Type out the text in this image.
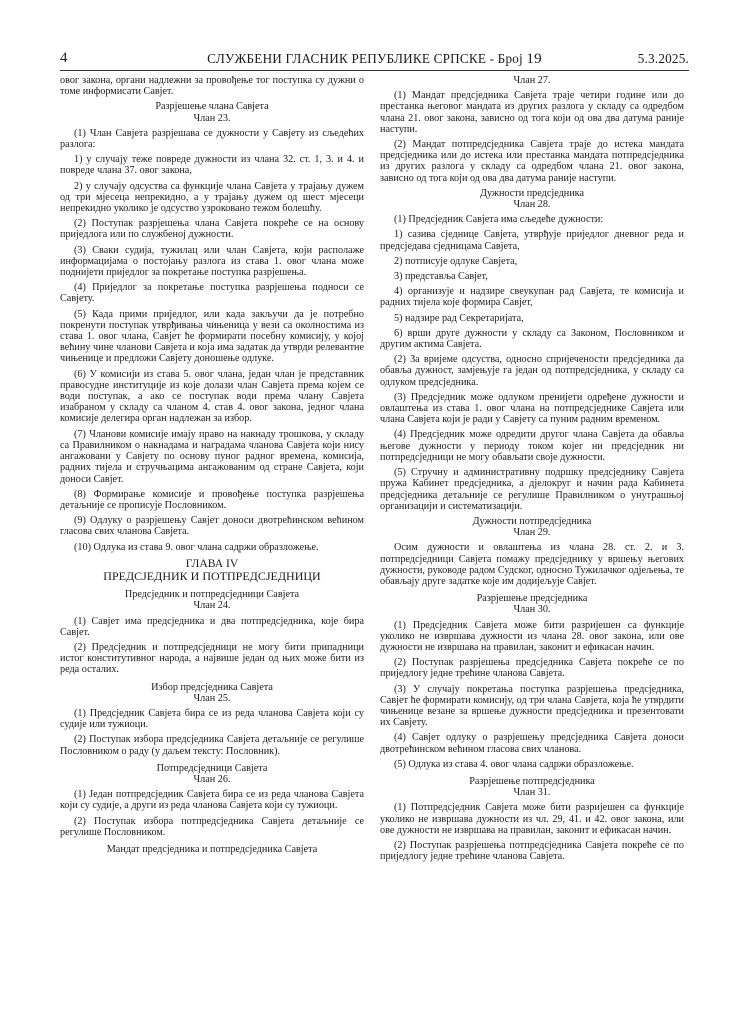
4	СЛУЖБЕНИ ГЛАСНИК РЕПУБЛИКЕ СРПСКЕ - Број 19	5.3.2025.

овог закона, органи надлежни за провођење тог поступка су дужни о томе информисати Савјет.

Разрјешење члана Савјета
Члан 23.

(1) Члан Савјета разрјешава се дужности у Савјету из сљедећих разлога:

1) у случају теже повреде дужности из члана 32. ст. 1, 3. и 4. и повреде члана 37. овог закона,

2) у случају одсуства са функције члана Савјета у трајању дужем од три мјесеца непрекидно, а у трајању дужем од шест мјесеци непрекидно уколико је одсуство узроковано тежом болешћу.

(2) Поступак разрјешења члана Савјета покреће се на основу приједлога или по службеној дужности.

(3) Сваки судија, тужилац или члан Савјета, који располаже информацијама о постојању разлога из става 1. овог члана може поднијети приједлог за покретање поступка разрјешења.

(4) Приједлог за покретање поступка разрјешења подноси се Савјету.

(5) Када прими приједлог, или када закључи да је потребно покренути поступак утврђивања чињеница у вези са околностима из става 1. овог члана, Савјет ће формирати посебну комисију, у којој већину чине чланови Савјета и која има задатак да утврди релевантне чињенице и предложи Савјету доношење одлуке.

(6) У комисији из става 5. овог члана, један члан је представник правосудне институције из које долази члан Савјета према којем се води поступак, а ако се поступак води према члану Савјета изабраном у складу са чланом 4. став 4. овог закона, једног члана комисије делегира орган надлежан за избор.

(7) Чланови комисије имају право на накнаду трошкова, у складу са Правилником о накнадама и наградама чланова Савјета који нису ангажовани у Савјету по основу пуног радног времена, комисија, радних тијела и стручњацима ангажованим од стране Савјета, који доноси Савјет.

(8) Формирање комисије и провођење поступка разрјешења детаљније се прописује Пословником.

(9) Одлуку о разрјешењу Савјет доноси двотрећинском већином гласова свих чланова Савјета.

(10) Одлука из става 9. овог члана садржи образложење.

ГЛАВА IV
ПРЕДСЈЕДНИК И ПОТПРЕДСЈЕДНИЦИ
Предсједник и потпредсједници Савјета
Члан 24.

(1) Савјет има предсједника и два потпредсједника, које бира Савјет.

(2) Предсједник и потпредсједници не могу бити припадници истог конститутивног народа, а највише један од њих може бити из реда осталих.

Избор предсједника Савјета
Члан 25.

(1) Предсједник Савјета бира се из реда чланова Савјета који су судије или тужиоци.

(2) Поступак избора предсједника Савјета детаљније се регулише Пословником о раду (у даљем тексту: Пословник).

Потпредсједници Савјета
Члан 26.

(1) Један потпредсједник Савјета бира се из реда чланова Савјета који су судије, а други из реда чланова Савјета који су тужиоци.

(2) Поступак избора потпредсједника Савјета детаљније се регулише Пословником.

Мандат предсједника и потпредсједника Савјета
Члан 27.

(1) Мандат предсједника Савјета траје четири године или до престанка његовог мандата из других разлога у складу са одредбом члана 21. овог закона, зависно од тога који од ова два датума раније наступи.

(2) Мандат потпредсједника Савјета траје до истека мандата предсједника или до истека или престанка мандата потпредсједника из других разлога у складу са одредбом члана 21. овог закона, зависно од тога који од ова два датума раније наступи.

Дужности предсједника
Члан 28.

(1) Предсједник Савјета има сљедеће дужности:

1) сазива сједнице Савјета, утврђује приједлог дневног реда и предсједава сједницама Савјета,

2) потписује одлуке Савјета,

3) представља Савјет,

4) организује и надзире свеукупан рад Савјета, те комисија и радних тијела које формира Савјет,

5) надзире рад Секретаријата,

6) врши друге дужности у складу са Законом, Пословником и другим актима Савјета.

(2) За вријеме одсуства, односно спријечености предсједника да обавља дужност, замјењује га један од потпредсједника, у складу са одлуком предсједника.

(3) Предсједник може одлуком пренијети одређене дужности и овлаштења из става 1. овог члана на потпредсједнике Савјета или члана Савјета који је ради у Савјету са пуним радним временом.

(4) Предсједник може одредити другог члана Савјета да обавља његове дужности у периоду током којег ни предсједник ни потпредсједници не могу обављати своје дужности.

(5) Стручну и административну подршку предсједнику Савјета пружа Кабинет предсједника, а дјелокруг и начин рада Кабинета предсједника детаљније се регулише Правилником о унутрашњој организацији и систематизацији.

Дужности потпредсједника
Члан 29.

Осим дужности и овлаштења из члана 28. ст. 2. и 3. потпредсједници Савјета помажу предсједнику у вршењу његових дужности, руководе радом Судског, односно Тужилачког одјељења, те обављају друге задатке које им додијељује Савјет.

Разрјешење предсједника
Члан 30.

(1) Предсједник Савјета може бити разријешен са функције уколико не извршава дужности из члана 28. овог закона, или ове дужности не извршава на правилан, законит и ефикасан начин.

(2) Поступак разрјешења предсједника Савјета покреће се по приједлогу једне трећине чланова Савјета.

(3) У случају покретања поступка разрјешења предсједника, Савјет ће формирати комисију, од три члана Савјета, која ће утврдити чињенице везане за вршење дужности предсједника и презентовати их Савјету.

(4) Савјет одлуку о разрјешењу предсједника Савјета доноси двотрећинском већином гласова свих чланова.

(5) Одлука из става 4. овог члана садржи образложење.

Разрјешење потпредсједника
Члан 31.

(1) Потпредсједник Савјета може бити разријешен са функције уколико не извршава дужности из чл. 29, 41. и 42. овог закона, или ове дужности не извршава на правилан, законит и ефикасан начин.

(2) Поступак разрјешења потпредсједника Савјета покреће се по приједлогу једне трећине чланова Савјета.
